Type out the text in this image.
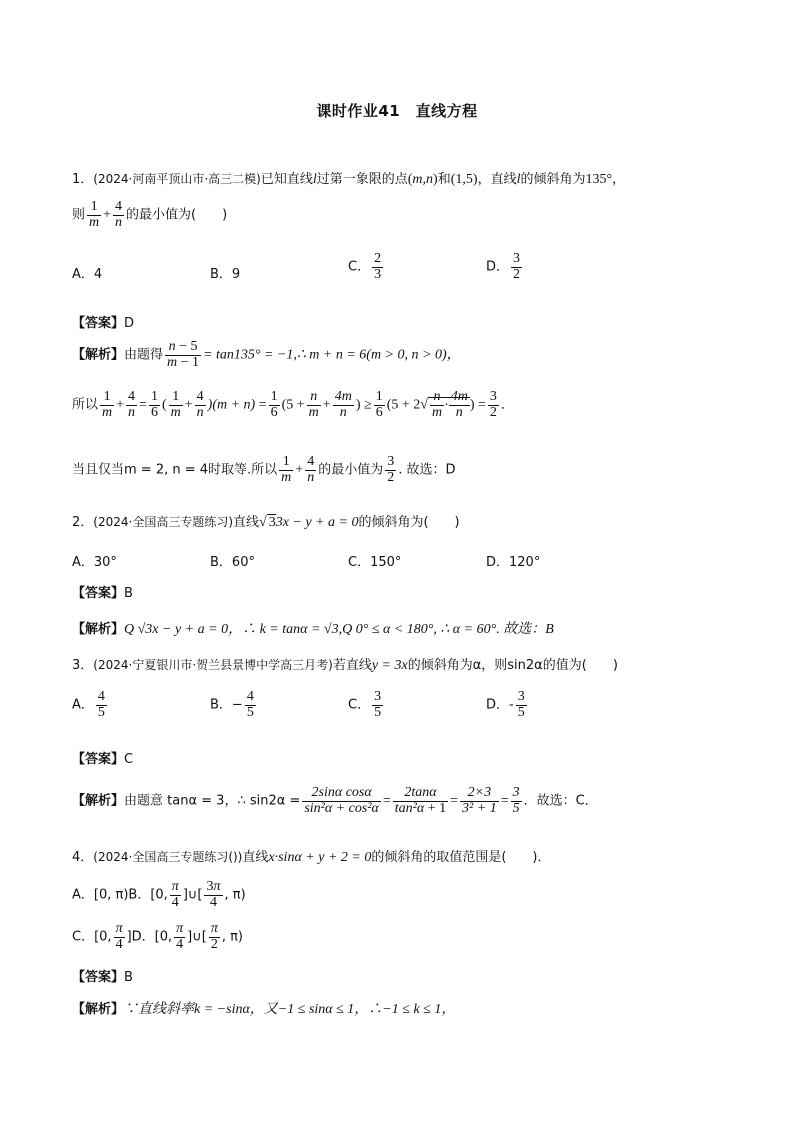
课时作业41　直线方程
1．(2024·河南平顶山市·高三二模)已知直线l过第一象限的点(m,n)和(1,5)，直线l的倾斜角为135°，
则 $\frac{1}{m} + \frac{4}{n}$ 的最小值为(　　)
A．4	B．9	C． $\frac{2}{3}$	D． $\frac{3}{2}$
【答案】D
【解析】由题得 $\frac{n - 5}{m - 1} = \tan 135^\circ$ = −1,∴ m + n = 6(m > 0, n > 0)，
所以 $\frac{1}{m} + \frac{4}{n} = \frac{1}{6}$ ( $\frac{1}{m} + \frac{4}{n} )(m + n) = \frac{1}{6} (5 + \frac{n}{m} + \frac{4m}{n}$ ) ≥ $\frac{1}{6} (5 + 2√ \frac{n}{m} \cdot \frac{4m}{n}$ ) = $\frac{3}{2}$ ．
当且仅当m = 2, n = 4时取等.所以 $\frac{1}{m} + \frac{4}{n}$ 的最小值为 $\frac{3}{2}$ . 故选：D
2．(2024·全国高三专题练习)直线√ 33x − y + a = 0的倾斜角为(　　)
A．30°	B．60°	C．150°	D．120°
【答案】B
【解析】Q √3x − y + a = 0，∴ k = tanα = √3,Q 0° ≤ α < 180°, ∴ α = 60°. 故选：B
3．(2024·宁夏银川市·贺兰县景博中学高三月考)若直线y = 3x的倾斜角为α，则sin2α的值为(　　)
A． $\frac{4}{5}$	B．− $\frac{4}{5}$	C． $\frac{3}{5}$	D．- $\frac{3}{5}$
【答案】C
【解析】由题意 tanα = 3，∴ $\sin 2\alpha = \frac{\text{2sinα cosα}}{\text{sin²α + cos²α}} = \frac{2\tan\alpha}{\text{tan²α + 1}} = \frac{2\times 3}{\text{3² + 1}} = \frac{3}{5}$ ．故选：C．
4．(2024·全国高三专题练习())直线x·sinα + y + 2 = 0的倾斜角的取值范围是(　　)．
A．[0, π)B．[0, $\frac{\pi}{4}$ ]∪[ $\frac{3\pi}{4}$ , π)
C．[0, $\frac{\pi}{4} ]D$．[0, $\frac{\pi}{4}$ ]∪[ $\frac{\pi}{2}$ , π)
【答案】B
【解析】∵直线斜率k = −sinα，又−1 ≤ sinα ≤ 1，∴−1 ≤ k ≤ 1，
